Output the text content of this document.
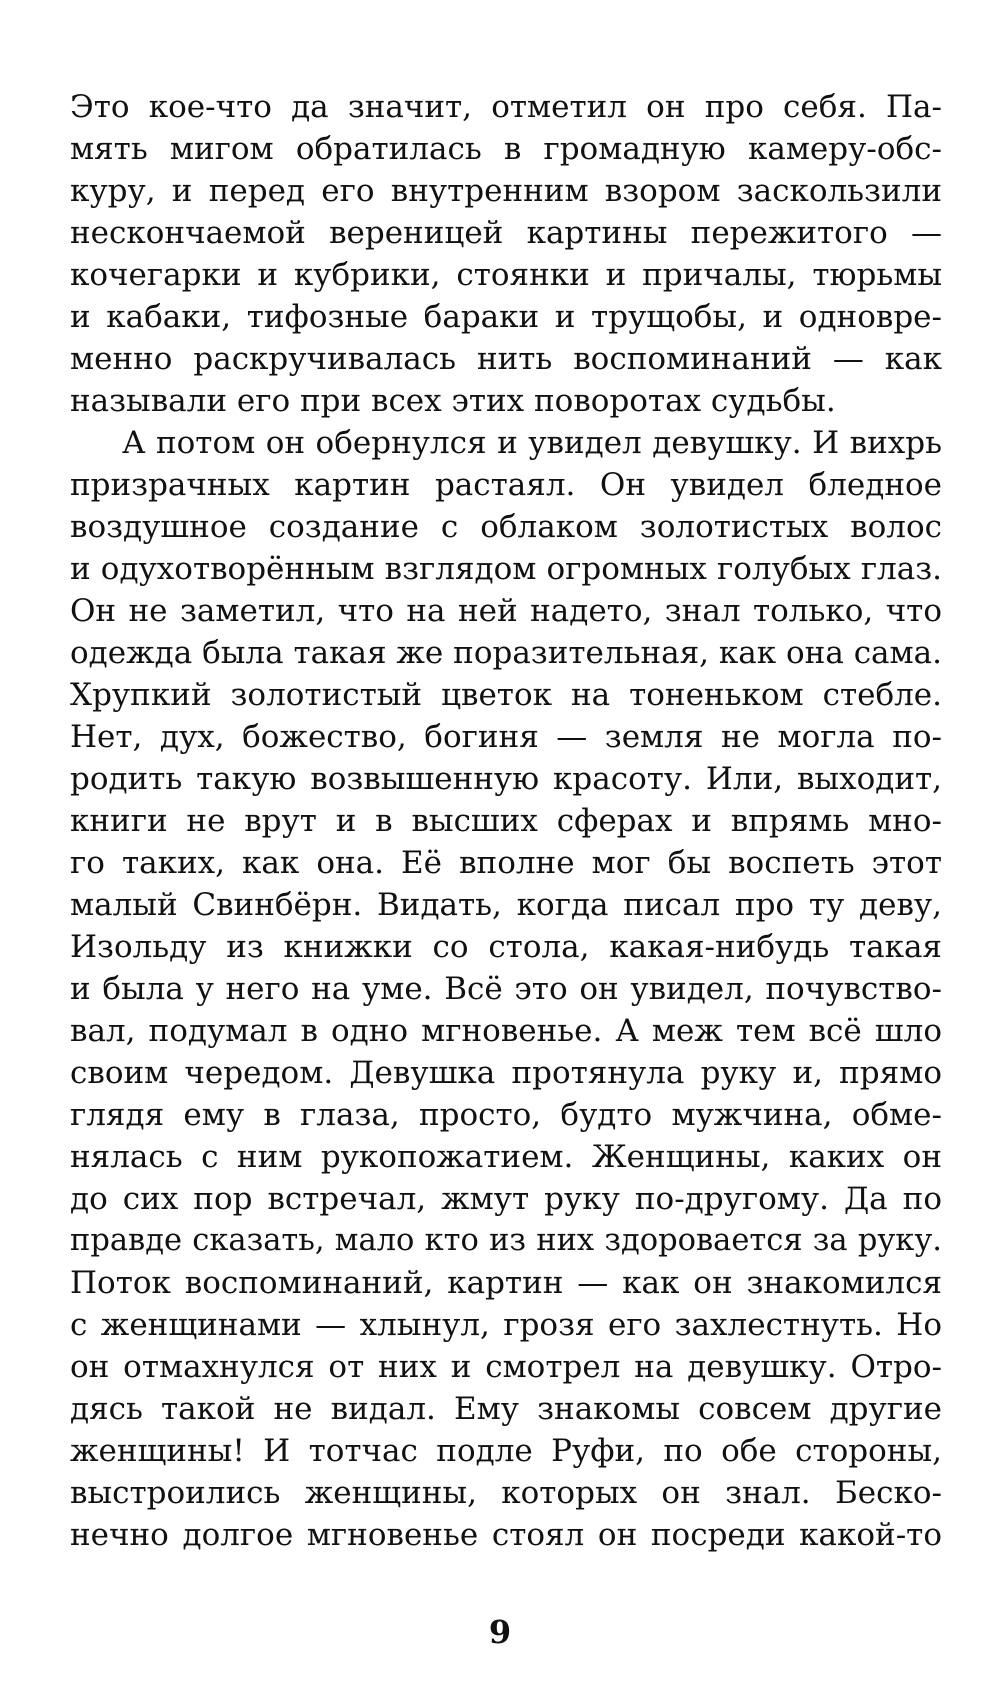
Это кое-что да значит, отметил он про себя. Па-
мять мигом обратилась в громадную камеру-обс-
куру, и перед его внутренним взором заскользили
нескончаемой вереницей картины пережитого —
кочегарки и кубрики, стоянки и причалы, тюрьмы
и кабаки, тифозные бараки и трущобы, и одновре-
менно раскручивалась нить воспоминаний — как
называли его при всех этих поворотах судьбы.
А потом он обернулся и увидел девушку. И вихрь
призрачных картин растаял. Он увидел бледное
воздушное создание с облаком золотистых волос
и одухотворённым взглядом огромных голубых глаз.
Он не заметил, что на ней надето, знал только, что
одежда была такая же поразительная, как она сама.
Хрупкий золотистый цветок на тоненьком стебле.
Нет, дух, божество, богиня — земля не могла по-
родить такую возвышенную красоту. Или, выходит,
книги не врут и в высших сферах и впрямь мно-
го таких, как она. Её вполне мог бы воспеть этот
малый Свинбёрн. Видать, когда писал про ту деву,
Изольду из книжки со стола, какая-нибудь такая
и была у него на уме. Всё это он увидел, почувство-
вал, подумал в одно мгновенье. А меж тем всё шло
своим чередом. Девушка протянула руку и, прямо
глядя ему в глаза, просто, будто мужчина, обме-
нялась с ним рукопожатием. Женщины, каких он
до сих пор встречал, жмут руку по-другому. Да по
правде сказать, мало кто из них здоровается за руку.
Поток воспоминаний, картин — как он знакомился
с женщинами — хлынул, грозя его захлестнуть. Но
он отмахнулся от них и смотрел на девушку. Отро-
дясь такой не видал. Ему знакомы совсем другие
женщины! И тотчас подле Руфи, по обе стороны,
выстроились женщины, которых он знал. Беско-
нечно долгое мгновенье стоял он посреди какой-то
9
